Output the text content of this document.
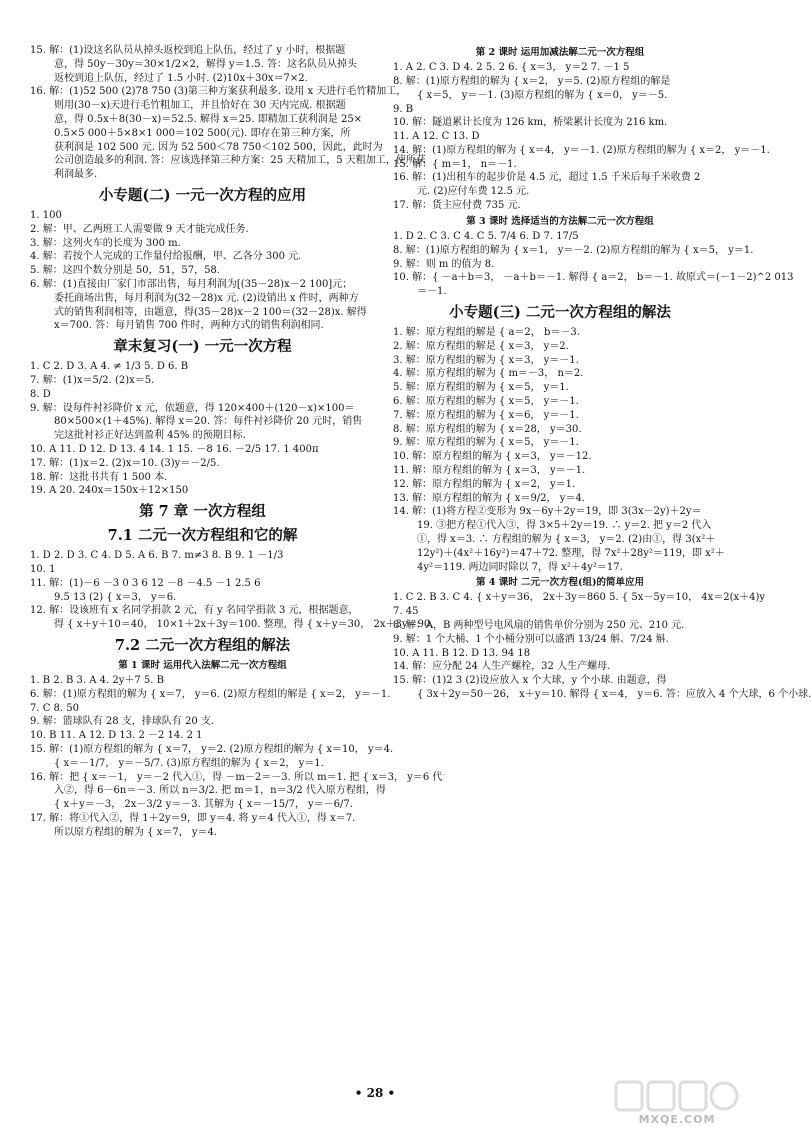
15. 解：(1)设这名队员从掉头返校到追上队伍，经过了 y 小时，根据题
意，得 50y－30y＝30×1/2×2，解得 y＝1.5. 答：这名队员从掉头
返校到追上队伍，经过了 1.5 小时. (2)10x＋30x＝7×2.
16. 解：(1)52 500 (2)78 750 (3)第三种方案获利最多. 设用 x 天进行毛竹精加工，
则用(30－x)天进行毛竹粗加工，并且恰好在 30 天内完成. 根据题
意，得 0.5x＋8(30－x)＝52.5. 解得 x＝25. 即精加工获利润是 25×
0.5×5 000＋5×8×1 000＝102 500(元). 即存在第三种方案，所
获利润是 102 500 元. 因为 52 500＜78 750＜102 500，因此，此时为
公司创造最多的利润. 答：应该选择第三种方案：25 天精加工，5 天粗加工，使所获
利润最多.
小专题(二) 一元一次方程的应用
1. 100
2. 解：甲、乙两班工人需要做 9 天才能完成任务.
3. 解：这列火车的长度为 300 m.
4. 解：若按个人完成的工作量付给报酬，甲、乙各分 300 元.
5. 解：这四个数分别是 50，51，57，58.
6. 解：(1)直接由厂家门市部出售，每月利润为[(35－28)x－2 100]元；
委托商场出售，每月利润为(32－28)x 元. (2)设销出 x 件时，两种方
式的销售利润相等，由题意，得(35－28)x－2 100＝(32－28)x. 解得
x＝700. 答：每月销售 700 件时，两种方式的销售利润相同.
章末复习(一) 一元一次方程
1. C 2. D 3. A 4. ≠ 1/3 5. D 6. B
7. 解：(1)x＝5/2. (2)x＝5.
8. D
9. 解：设每件衬衫降价 x 元，依题意，得 120×400＋(120－x)×100＝
80×500×(1＋45%). 解得 x＝20. 答：每件衬衫降价 20 元时，销售
完这批衬衫正好达到盈利 45% 的预期目标.
10. A 11. D 12. D 13. 4 14. 1 15. －8 16. －2/5 17. 1 400π
17. 解：(1)x＝2. (2)x＝10. (3)y＝－2/5.
18. 解：这批书共有 1 500 本.
19. A 20. 240x＝150x＋12×150
第 7 章 一次方程组
7.1 二元一次方程组和它的解
1. D 2. D 3. C 4. D 5. A 6. B 7. m≠3 8. B 9. 1 －1/3
10. 1
11. 解：(1)－6 －3 0 3 6 12 －8 －4.5 －1 2.5 6
9.5 13 (2) { x＝3， y＝6.
12. 解：设该班有 x 名同学捐款 2 元，有 y 名同学捐款 3 元，根据题意，
得 { x＋y＋10＝40， 10×1＋2x＋3y＝100. 整理，得 { x＋y＝30， 2x＋3y＝90.
7.2 二元一次方程组的解法
第 1 课时 运用代入法解二元一次方程组
1. B 2. B 3. A 4. 2y＋7 5. B
6. 解：(1)原方程组的解为 { x＝7， y＝6. (2)原方程组的解是 { x＝2， y＝－1.
7. C 8. 50
9. 解：篮球队有 28 支，排球队有 20 支.
10. B 11. A 12. D 13. 2 －2 14. 2 1
15. 解：(1)原方程组的解为 { x＝7， y＝2. (2)原方程组的解为 { x＝10， y＝4.
{ x＝－1/7， y＝－5/7. (3)原方程组的解为 { x＝2， y＝1.
16. 解：把 { x＝－1， y＝－2 代入①，得 －m－2＝－3. 所以 m＝1. 把 { x＝3， y＝6 代
入②，得 6－6n＝－3. 所以 n＝3/2. 把 m＝1，n＝3/2 代入原方程组，得
{ x＋y＝－3， 2x－3/2 y＝－3. 其解为 { x＝－15/7， y＝－6/7.
17. 解：将①代入②，得 1＋2y＝9，即 y＝4. 将 y＝4 代入①，得 x＝7.
所以原方程组的解为 { x＝7， y＝4.
第 2 课时 运用加减法解二元一次方程组
1. A 2. C 3. D 4. 2 5. 2 6. { x＝3， y＝2 7. －1 5
8. 解：(1)原方程组的解为 { x＝2， y＝5. (2)原方程组的解是
{ x＝5， y＝－1. (3)原方程组的解为 { x＝0， y＝－5.
9. B
10. 解：隧道累计长度为 126 km，桥梁累计长度为 216 km.
11. A 12. C 13. D
14. 解：(1)原方程组的解为 { x＝4， y＝－1. (2)原方程组的解为 { x＝2， y＝－1.
15. 解：{ m＝1， n＝－1.
16. 解：(1)出租车的起步价是 4.5 元，超过 1.5 千米后每千米收费 2
元. (2)应付车费 12.5 元.
17. 解：货主应付费 735 元.
第 3 课时 选择适当的方法解二元一次方程组
1. D 2. C 3. C 4. C 5. 7/4 6. D 7. 17/5
8. 解：(1)原方程组的解为 { x＝1， y＝－2. (2)原方程组的解为 { x＝5， y＝1.
9. 解：则 m 的值为 8.
10. 解：{ －a＋b＝3， －a＋b＝－1. 解得 { a＝2， b＝－1. 故原式＝(－1－2)^2 013
＝－1.
小专题(三) 二元一次方程组的解法
1. 解：原方程组的解是 { a＝2， b＝－3.
2. 解：原方程组的解是 { x＝3， y＝2.
3. 解：原方程组的解为 { x＝3， y＝－1.
4. 解：原方程组的解为 { m＝－3， n＝2.
5. 解：原方程组的解为 { x＝5， y＝1.
6. 解：原方程组的解为 { x＝5， y＝－1.
7. 解：原方程组的解为 { x＝6， y＝－1.
8. 解：原方程组的解为 { x＝28， y＝30.
9. 解：原方程组的解为 { x＝5， y＝－1.
10. 解：原方程组的解为 { x＝3， y＝－12.
11. 解：原方程组的解为 { x＝3， y＝－1.
12. 解：原方程组的解为 { x＝2， y＝1.
13. 解：原方程组的解为 { x＝9/2， y＝4.
14. 解：(1)将方程②变形为 9x－6y＋2y＝19，即 3(3x－2y)＋2y＝
19. ③把方程①代入③，得 3×5＋2y＝19. ∴ y＝2. 把 y＝2 代入
①，得 x＝3. ∴ 方程组的解为 { x＝3， y＝2. (2)由①，得 3(x²＋
12y²)＋(4x²＋16y²)＝47＋72. 整理，得 7x²＋28y²＝119，即 x²＋
4y²＝119. 两边同时除以 7，得 x²＋4y²＝17.
第 4 课时 二元一次方程(组)的简单应用
1. C 2. B 3. C 4. { x＋y＝36， 2x＋3y＝860 5. { 5x－5y＝10， 4x＝2(x＋4)y
7. 45
8. 解：A，B 两种型号电风扇的销售单价分别为 250 元、210 元.
9. 解：1 个大桶、1 个小桶分别可以盛酒 13/24 斛、7/24 斛.
10. A 11. B 12. D 13. 94 18
14. 解：应分配 24 人生产螺栓，32 人生产螺母.
15. 解：(1)2 3 (2)设应放入 x 个大球，y 个小球. 由题意，得
{ 3x＋2y＝50－26， x＋y＝10. 解得 { x＝4， y＝6. 答：应放入 4 个大球，6 个小球.
• 28 •
MXQE.COM
